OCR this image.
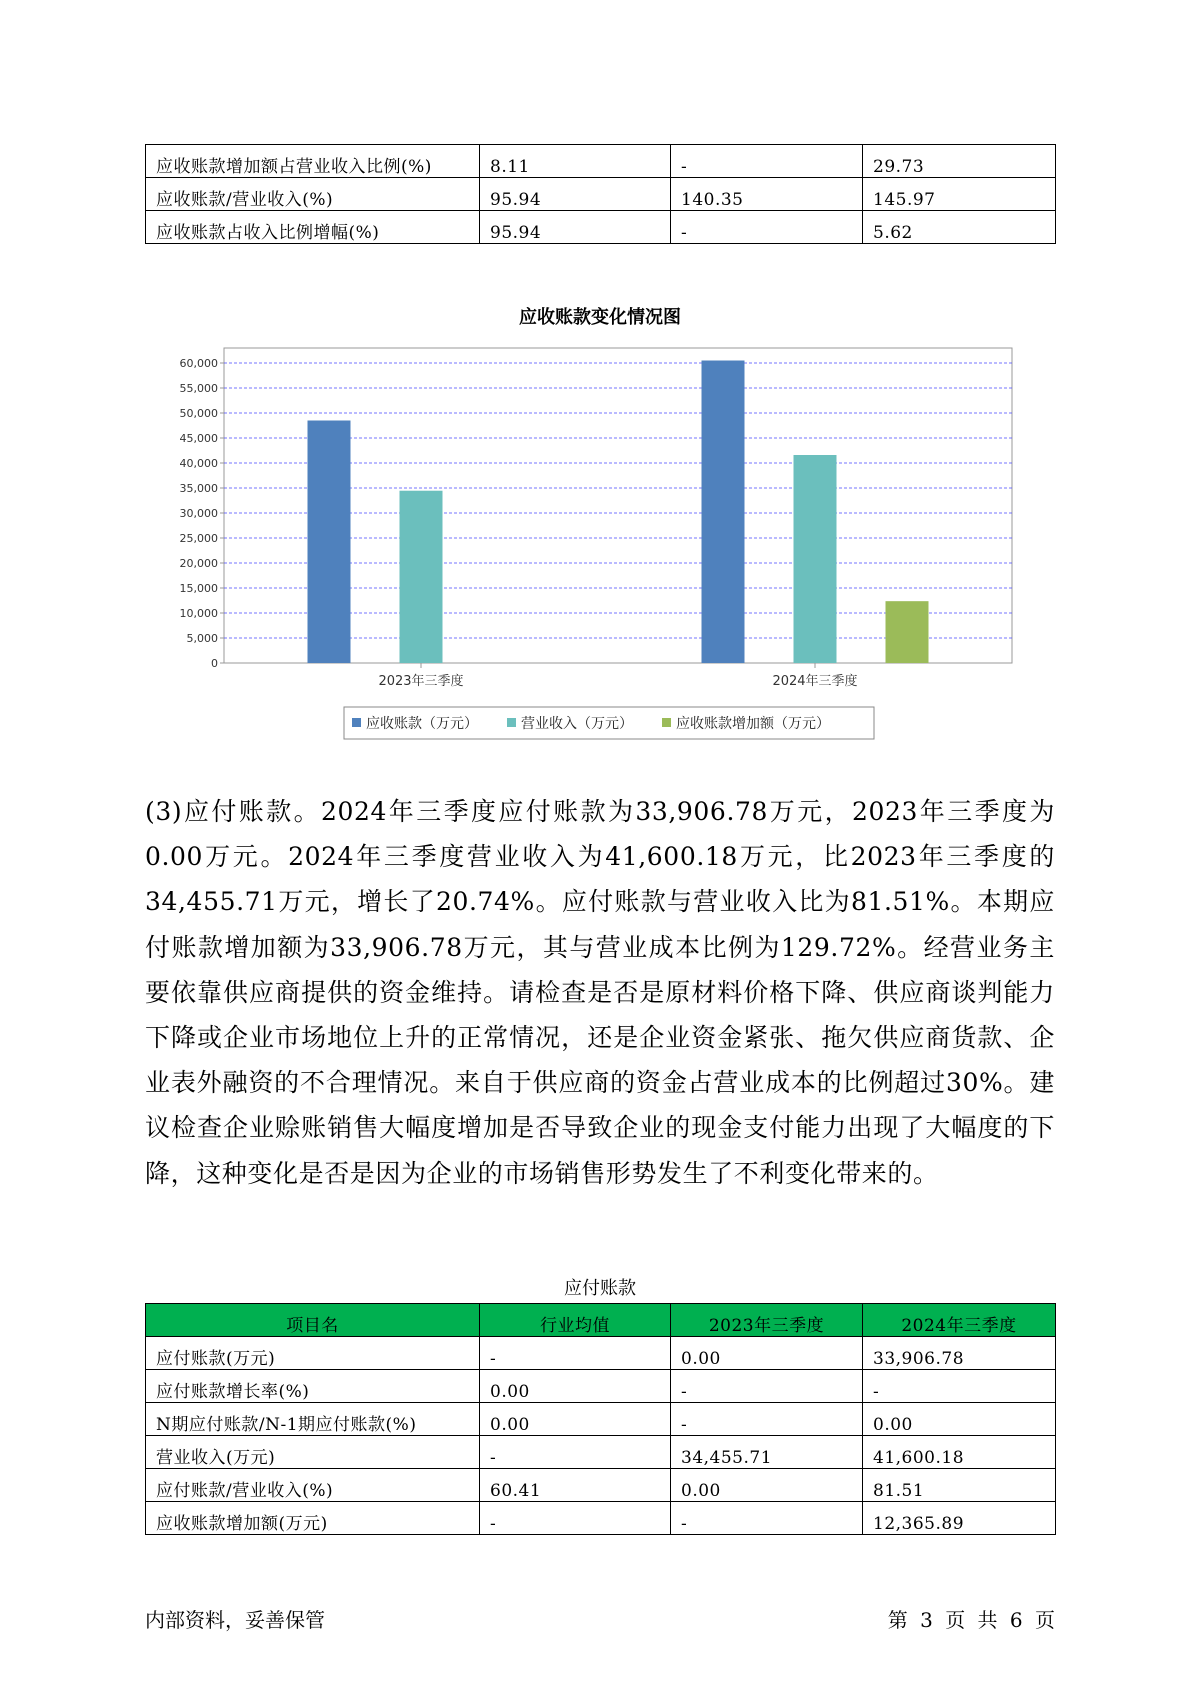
应收账款增加额占营业收入比例(%)	8.11	-	29.73
应收账款/营业收入(%)	95.94	140.35	145.97
应收账款占收入比例增幅(%)	95.94	-	5.62
应收账款变化情况图
0
5,000
10,000
15,000
20,000
25,000
30,000
35,000
40,000
45,000
50,000
55,000
60,000
2023年三季度	2024年三季度
应收账款（万元）	营业收入（万元）	应收账款增加额（万元）

(3)应付账款。2024年三季度应付账款为33,906.78万元，2023年三季度为0.00万元。2024年三季度营业收入为41,600.18万元，比2023年三季度的34,455.71万元，增长了20.74%。应付账款与营业收入比为81.51%。本期应付账款增加额为33,906.78万元，其与营业成本比例为129.72%。经营业务主要依靠供应商提供的资金维持。请检查是否是原材料价格下降、供应商谈判能力下降或企业市场地位上升的正常情况，还是企业资金紧张、拖欠供应商货款、企业表外融资的不合理情况。来自于供应商的资金占营业成本的比例超过30%。建议检查企业赊账销售大幅度增加是否导致企业的现金支付能力出现了大幅度的下降，这种变化是否是因为企业的市场销售形势发生了不利变化带来的。

应付账款
项目名	行业均值	2023年三季度	2024年三季度
应付账款(万元)	-	0.00	33,906.78
应付账款增长率(%)	0.00	-	-
N期应付账款/N-1期应付账款(%)	0.00	-	0.00
营业收入(万元)	-	34,455.71	41,600.18
应付账款/营业收入(%)	60.41	0.00	81.51
应收账款增加额(万元)	-	-	12,365.89
内部资料，妥善保管	第 3 页 共 6 页
